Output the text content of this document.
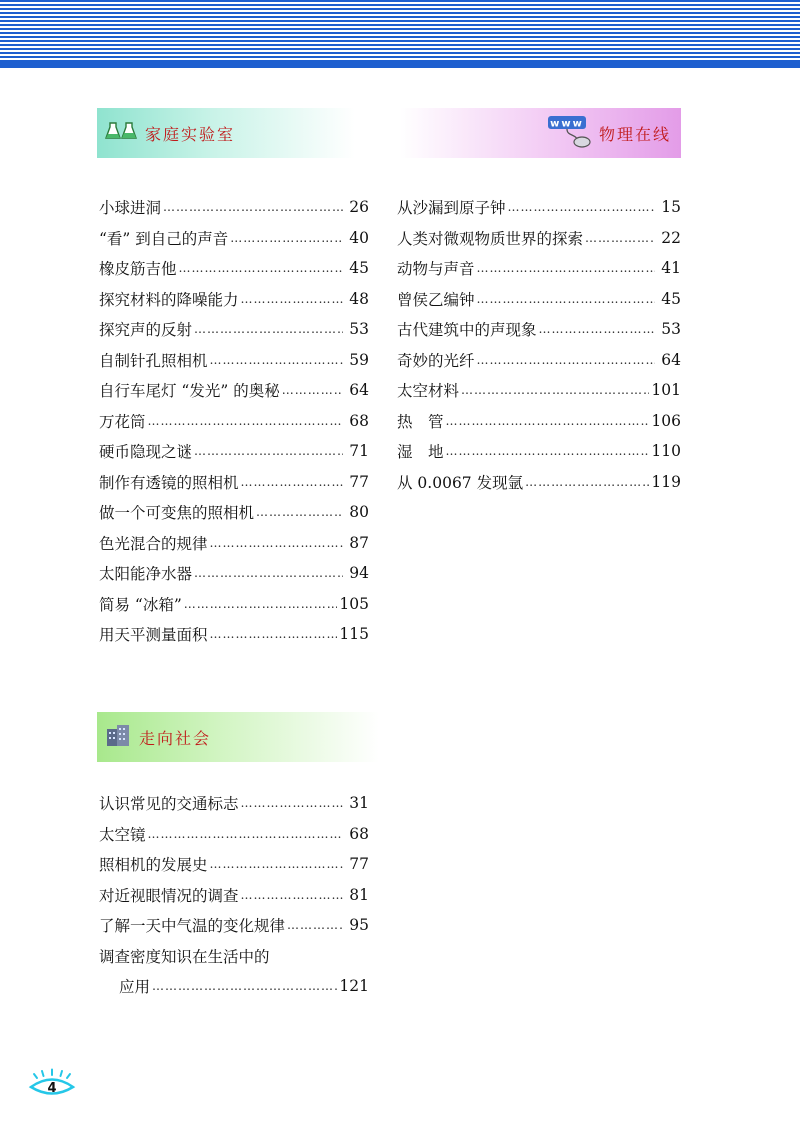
家庭实验室
www
物理在线
走向社会
小球进洞 ………………………………………………………………………………………………	26
“看” 到自己的声音 ………………………………………………………………………………………………	40
橡皮筋吉他 ………………………………………………………………………………………………	45
探究材料的降噪能力 ………………………………………………………………………………………………	48
探究声的反射 ………………………………………………………………………………………………	53
自制针孔照相机 ………………………………………………………………………………………………	59
自行车尾灯 “发光” 的奥秘 ………………………………………………………………………………………………	64
万花筒 ………………………………………………………………………………………………	68
硬币隐现之谜 ………………………………………………………………………………………………	71
制作有透镜的照相机 ………………………………………………………………………………………………	77
做一个可变焦的照相机 ………………………………………………………………………………………………	80
色光混合的规律 ………………………………………………………………………………………………	87
太阳能净水器 ………………………………………………………………………………………………	94
简易 “冰箱” ………………………………………………………………………………………………	105
用天平测量面积 ………………………………………………………………………………………………	115
从沙漏到原子钟 ………………………………………………………………………………………………	15
人类对微观物质世界的探索 ………………………………………………………………………………………………	22
动物与声音 ………………………………………………………………………………………………	41
曾侯乙编钟 ………………………………………………………………………………………………	45
古代建筑中的声现象 ………………………………………………………………………………………………	53
奇妙的光纤 ………………………………………………………………………………………………	64
太空材料 ………………………………………………………………………………………………	101
热　管 ………………………………………………………………………………………………	106
湿　地 ………………………………………………………………………………………………	110
从 0.0067 发现氩 ………………………………………………………………………………………………	119
认识常见的交通标志 ………………………………………………………………………………………………	31
太空镜 ………………………………………………………………………………………………	68
照相机的发展史 ………………………………………………………………………………………………	77
对近视眼情况的调查 ………………………………………………………………………………………………	81
了解一天中气温的变化规律 ………………………………………………………………………………………………	95
调查密度知识在生活中的
应用 ………………………………………………………………………………………………	121
4
